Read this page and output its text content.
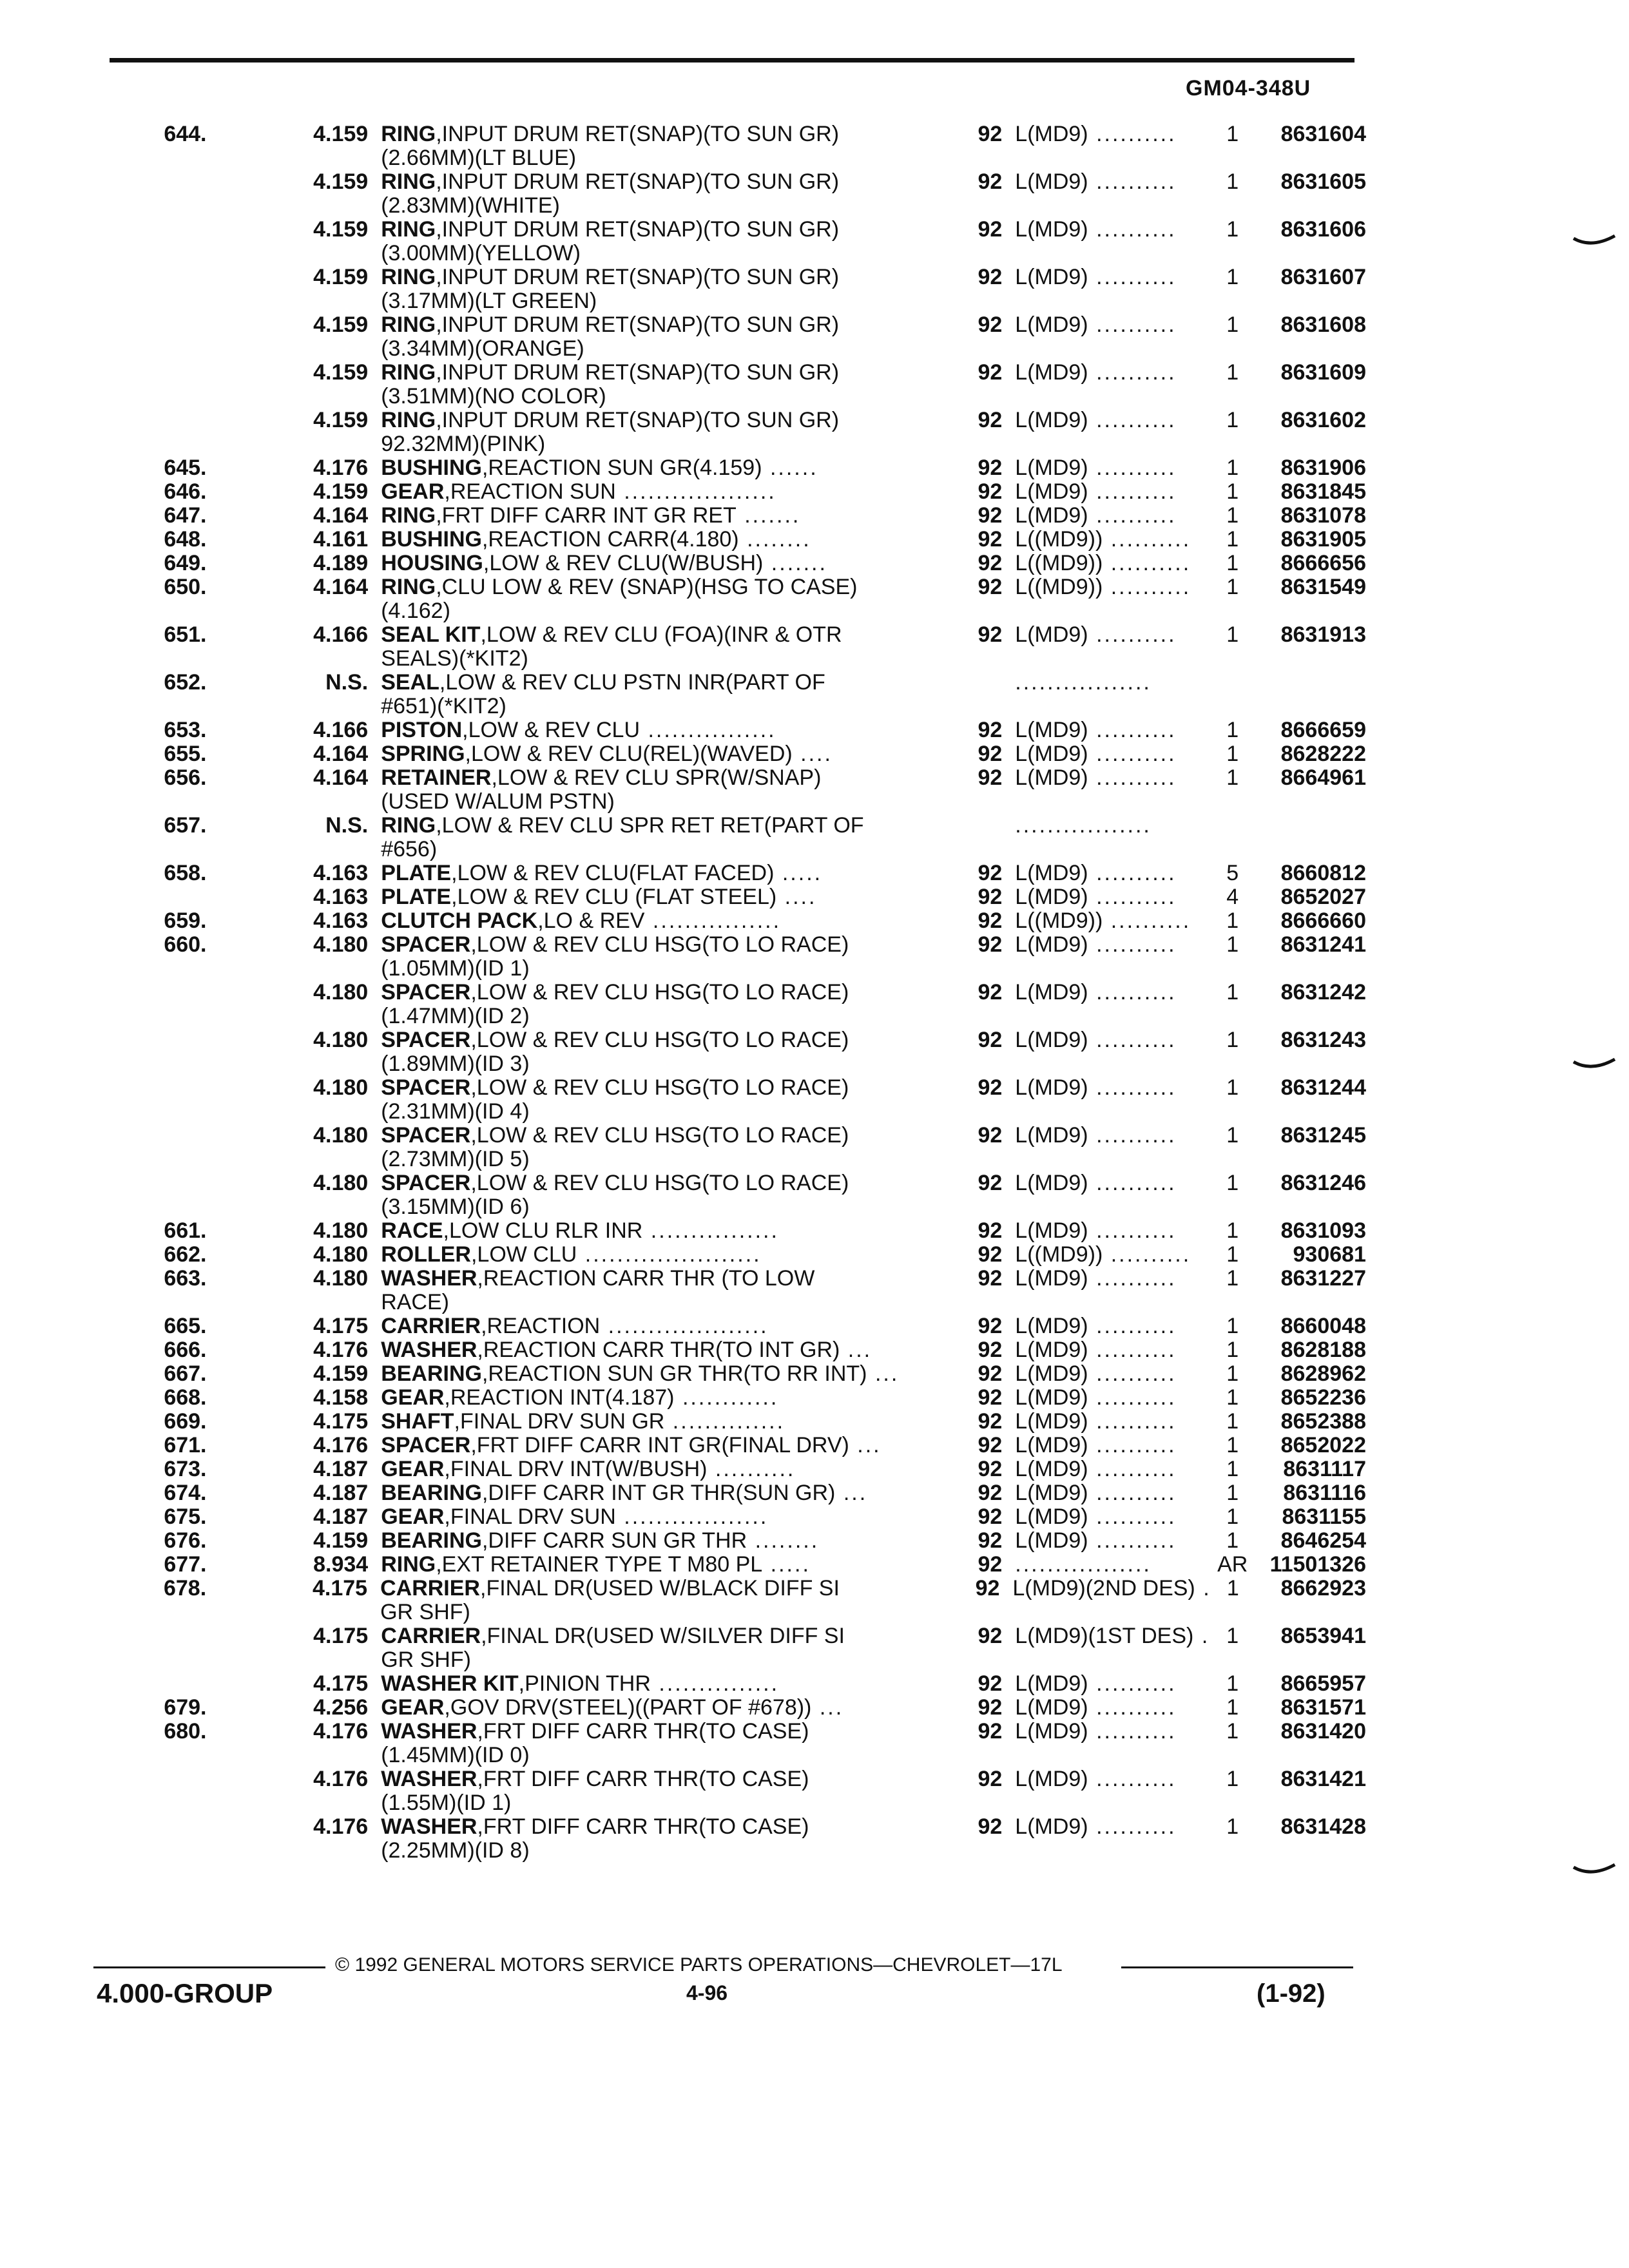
GM04-348U
644.	4.159 RING,INPUT DRUM RET(SNAP)(TO SUN GR)
(2.66MM)(LT BLUE)
92 L(MD9) ..........	1	8631604
4.159 RING,INPUT DRUM RET(SNAP)(TO SUN GR)
(2.83MM)(WHITE)
92 L(MD9) ..........	1	8631605
4.159 RING,INPUT DRUM RET(SNAP)(TO SUN GR)
(3.00MM)(YELLOW)
92 L(MD9) ..........	1	8631606
4.159 RING,INPUT DRUM RET(SNAP)(TO SUN GR)
(3.17MM)(LT GREEN)
92 L(MD9) ..........	1	8631607
4.159 RING,INPUT DRUM RET(SNAP)(TO SUN GR)
(3.34MM)(ORANGE)
92 L(MD9) ..........	1	8631608
4.159 RING,INPUT DRUM RET(SNAP)(TO SUN GR)
(3.51MM)(NO COLOR)
92 L(MD9) ..........	1	8631609
4.159 RING,INPUT DRUM RET(SNAP)(TO SUN GR)
92.32MM)(PINK)
92 L(MD9) ..........	1	8631602
645.	4.176 BUSHING,REACTION SUN GR(4.159) ......	92 L(MD9) ..........	1	8631906
646.	4.159 GEAR,REACTION SUN ...................	92 L(MD9) ..........	1	8631845
647.	4.164 RING,FRT DIFF CARR INT GR RET .......	92 L(MD9) ..........	1	8631078
648.	4.161 BUSHING,REACTION CARR(4.180) ........	92 L((MD9)) ..........	1	8631905
649.	4.189 HOUSING,LOW & REV CLU(W/BUSH) .......	92 L((MD9)) ..........	1	8666656
650.	4.164 RING,CLU LOW & REV (SNAP)(HSG TO CASE)
(4.162)
92 L((MD9)) ..........	1	8631549
651.	4.166 SEAL KIT,LOW & REV CLU (FOA)(INR & OTR
SEALS)(*KIT2)
92 L(MD9) ..........	1	8631913
652.	N.S. SEAL,LOW & REV CLU PSTN INR(PART OF
#651)(*KIT2)
.................
653.	4.166 PISTON,LOW & REV CLU ................	92 L(MD9) ..........	1	8666659
655.	4.164 SPRING,LOW & REV CLU(REL)(WAVED) ....	92 L(MD9) ..........	1	8628222
656.	4.164 RETAINER,LOW & REV CLU SPR(W/SNAP)
(USED W/ALUM PSTN)
92 L(MD9) ..........	1	8664961
657.	N.S. RING,LOW & REV CLU SPR RET RET(PART OF
#656)
.................
658.	4.163 PLATE,LOW & REV CLU(FLAT FACED) .....	92 L(MD9) ..........	5	8660812
4.163 PLATE,LOW & REV CLU (FLAT STEEL) ....	92 L(MD9) ..........	4	8652027
659.	4.163 CLUTCH PACK,LO & REV ................	92 L((MD9)) ..........	1	8666660
660.	4.180 SPACER,LOW & REV CLU HSG(TO LO RACE)
(1.05MM)(ID 1)
92 L(MD9) ..........	1	8631241
4.180 SPACER,LOW & REV CLU HSG(TO LO RACE)
(1.47MM)(ID 2)
92 L(MD9) ..........	1	8631242
4.180 SPACER,LOW & REV CLU HSG(TO LO RACE)
(1.89MM)(ID 3)
92 L(MD9) ..........	1	8631243
4.180 SPACER,LOW & REV CLU HSG(TO LO RACE)
(2.31MM)(ID 4)
92 L(MD9) ..........	1	8631244
4.180 SPACER,LOW & REV CLU HSG(TO LO RACE)
(2.73MM)(ID 5)
92 L(MD9) ..........	1	8631245
4.180 SPACER,LOW & REV CLU HSG(TO LO RACE)
(3.15MM)(ID 6)
92 L(MD9) ..........	1	8631246
661.	4.180 RACE,LOW CLU RLR INR ................	92 L(MD9) ..........	1	8631093
662.	4.180 ROLLER,LOW CLU ......................	92 L((MD9)) ..........	1	930681
663.	4.180 WASHER,REACTION CARR THR (TO LOW
RACE)
92 L(MD9) ..........	1	8631227
665.	4.175 CARRIER,REACTION ....................	92 L(MD9) ..........	1	8660048
666.	4.176 WASHER,REACTION CARR THR(TO INT GR) ...	92 L(MD9) ..........	1	8628188
667.	4.159 BEARING,REACTION SUN GR THR(TO RR INT) ...	92 L(MD9) ..........	1	8628962
668.	4.158 GEAR,REACTION INT(4.187) ............	92 L(MD9) ..........	1	8652236
669.	4.175 SHAFT,FINAL DRV SUN GR ..............	92 L(MD9) ..........	1	8652388
671.	4.176 SPACER,FRT DIFF CARR INT GR(FINAL DRV) ...	92 L(MD9) ..........	1	8652022
673.	4.187 GEAR,FINAL DRV INT(W/BUSH) ..........	92 L(MD9) ..........	1	8631117
674.	4.187 BEARING,DIFF CARR INT GR THR(SUN GR) ...	92 L(MD9) ..........	1	8631116
675.	4.187 GEAR,FINAL DRV SUN ..................	92 L(MD9) ..........	1	8631155
676.	4.159 BEARING,DIFF CARR SUN GR THR ........	92 L(MD9) ..........	1	8646254
677.	8.934 RING,EXT RETAINER TYPE T M80 PL .....	92 .................	AR	11501326
678.	4.175 CARRIER,FINAL DR(USED W/BLACK DIFF SI
GR SHF)
92 L(MD9)(2ND DES) . 1	8662923
4.175 CARRIER,FINAL DR(USED W/SILVER DIFF SI
GR SHF)
92 L(MD9)(1ST DES) . 1	8653941
4.175 WASHER KIT,PINION THR ...............	92 L(MD9) ..........	1	8665957
679.	4.256 GEAR,GOV DRV(STEEL)((PART OF #678)) ...	92 L(MD9) ..........	1	8631571
680.	4.176 WASHER,FRT DIFF CARR THR(TO CASE)
(1.45MM)(ID 0)
92 L(MD9) ..........	1	8631420
4.176 WASHER,FRT DIFF CARR THR(TO CASE)
(1.55M)(ID 1)
92 L(MD9) ..........	1	8631421
4.176 WASHER,FRT DIFF CARR THR(TO CASE)
(2.25MM)(ID 8)
92 L(MD9) ..........	1	8631428
© 1992 GENERAL MOTORS SERVICE PARTS OPERATIONS—CHEVROLET—17L
4.000-GROUP	4-96	(1-92)
